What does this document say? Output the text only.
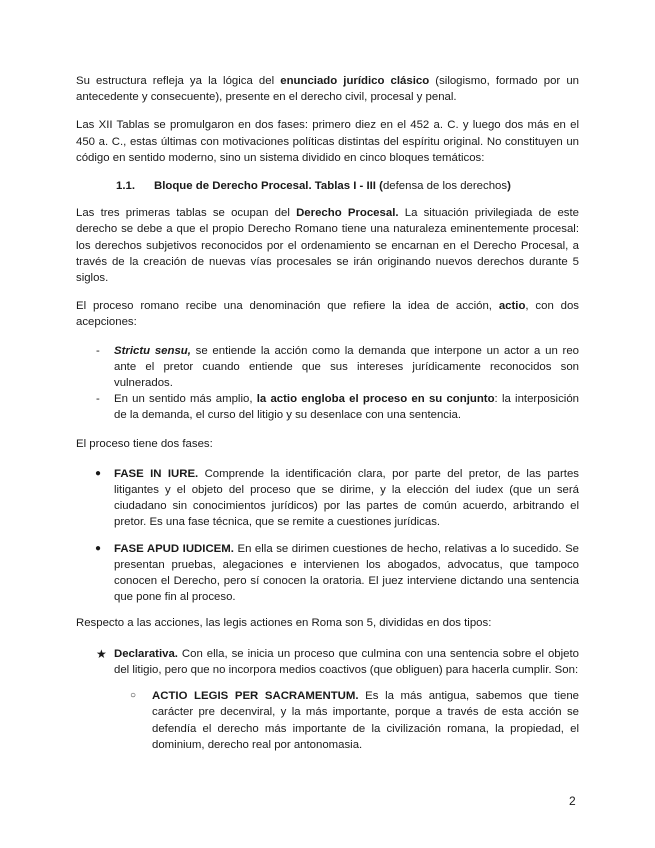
Su estructura refleja ya la lógica del enunciado jurídico clásico (silogismo, formado por un antecedente y consecuente), presente en el derecho civil, procesal y penal.

Las XII Tablas se promulgaron en dos fases: primero diez en el 452 a. C. y luego dos más en el 450 a. C., estas últimas con motivaciones políticas distintas del espíritu original. No constituyen un código en sentido moderno, sino un sistema dividido en cinco bloques temáticos:

1.1. Bloque de Derecho Procesal. Tablas I - III (defensa de los derechos)

Las tres primeras tablas se ocupan del Derecho Procesal. La situación privilegiada de este derecho se debe a que el propio Derecho Romano tiene una naturaleza eminentemente procesal: los derechos subjetivos reconocidos por el ordenamiento se encarnan en el Derecho Procesal, a través de la creación de nuevas vías procesales se irán originando nuevos derechos durante 5 siglos.

El proceso romano recibe una denominación que refiere la idea de acción, actio, con dos acepciones:

- Strictu sensu, se entiende la acción como la demanda que interpone un actor a un reo ante el pretor cuando entiende que sus intereses jurídicamente reconocidos son vulnerados.
- En un sentido más amplio, la actio engloba el proceso en su conjunto: la interposición de la demanda, el curso del litigio y su desenlace con una sentencia.

El proceso tiene dos fases:

● FASE IN IURE. Comprende la identificación clara, por parte del pretor, de las partes litigantes y el objeto del proceso que se dirime, y la elección del iudex (que un será ciudadano sin conocimientos jurídicos) por las partes de común acuerdo, arbitrando el pretor. Es una fase técnica, que se remite a cuestiones jurídicas.
● FASE APUD IUDICEM. En ella se dirimen cuestiones de hecho, relativas a lo sucedido. Se presentan pruebas, alegaciones e intervienen los abogados, advocatus, que tampoco conocen el Derecho, pero sí conocen la oratoria. El juez interviene dictando una sentencia que pone fin al proceso.

Respecto a las acciones, las legis actiones en Roma son 5, divididas en dos tipos:

★ Declarativa. Con ella, se inicia un proceso que culmina con una sentencia sobre el objeto del litigio, pero que no incorpora medios coactivos (que obliguen) para hacerla cumplir. Son:

○ ACTIO LEGIS PER SACRAMENTUM. Es la más antigua, sabemos que tiene carácter pre decenviral, y la más importante, porque a través de esta acción se defendía el derecho más importante de la civilización romana, la propiedad, el dominium, derecho real por antonomasia.
2
